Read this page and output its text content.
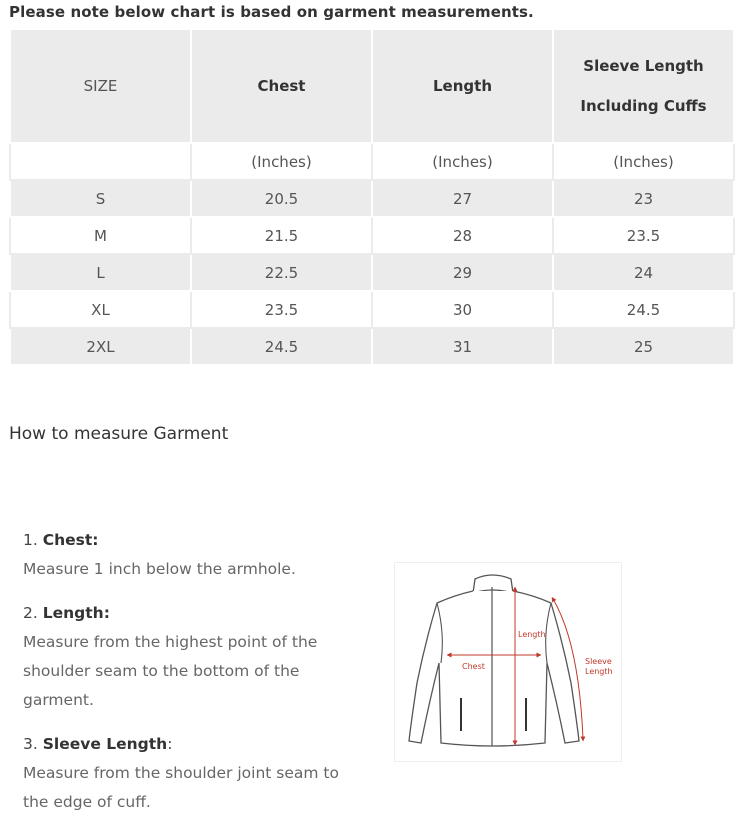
Please note below chart is based on garment measurements.
SIZE	Chest	Length	Sleeve Length
Including Cuffs

	(Inches)	(Inches)	(Inches)
S	20.5	27	23
M	21.5	28	23.5
L	22.5	29	24
XL	23.5	30	24.5
2XL	24.5	31	25
How to measure Garment
1. Chest:
Measure 1 inch below the armhole.
2. Length:
Measure from the highest point of the shoulder seam to the bottom of the garment.
3. Sleeve Length:
Measure from the shoulder joint seam to the edge of cuff.
Length
Chest
Sleeve
Length
